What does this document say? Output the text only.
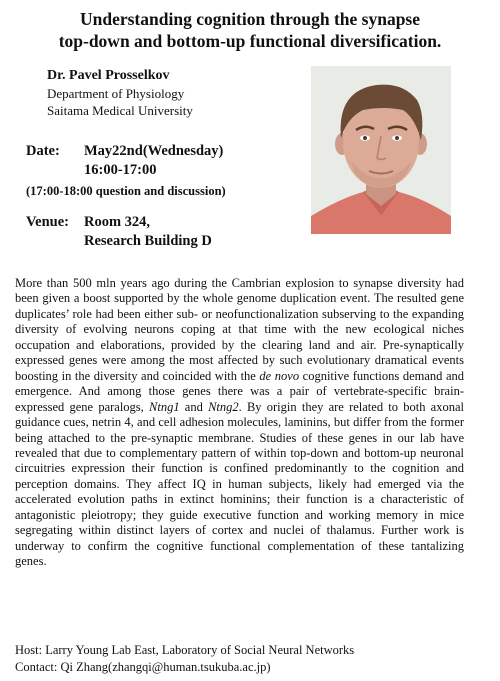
Understanding cognition through the synapse
top-down and bottom-up functional diversification.
Dr. Pavel Prosselkov
Department of Physiology
Saitama Medical University
Date:	May22nd(Wednesday)
16:00-17:00
(17:00-18:00 question and discussion)
Venue:	Room 324,
Research Building D

More than 500 mln years ago during the Cambrian explosion to synapse diversity had been given a boost supported by the whole genome duplication event. The resulted gene duplicates’ role had been either sub- or neofunctionalization subserving to the expanding diversity of evolving neurons coping at that time with the new ecological niches occupation and elaborations, provided by the clearing land and air. Pre-synaptically expressed genes were among the most affected by such evolutionary dramatical events boosting in the diversity and coincided with the de novo cognitive functions demand and emergence. And among those genes there was a pair of vertebrate-specific brain-expressed gene paralogs, Ntng1 and Ntng2. By origin they are related to both axonal guidance cues, netrin 4, and cell adhesion molecules, laminins, but differ from the former being attached to the pre-synaptic membrane. Studies of these genes in our lab have revealed that due to complementary pattern of within top-down and bottom-up neuronal circuitries expression their function is confined predominantly to the cognition and perception domains. They affect IQ in human subjects, likely had emerged via the accelerated evolution paths in extinct hominins; their function is a characteristic of antagonistic pleiotropy; they guide executive function and working memory in mice segregating within distinct layers of cortex and nuclei of thalamus. Further work is underway to confirm the cognitive functional complementation of these tantalizing genes.

Host: Larry Young Lab East, Laboratory of Social Neural Networks
Contact: Qi Zhang(zhangqi@human.tsukuba.ac.jp)
